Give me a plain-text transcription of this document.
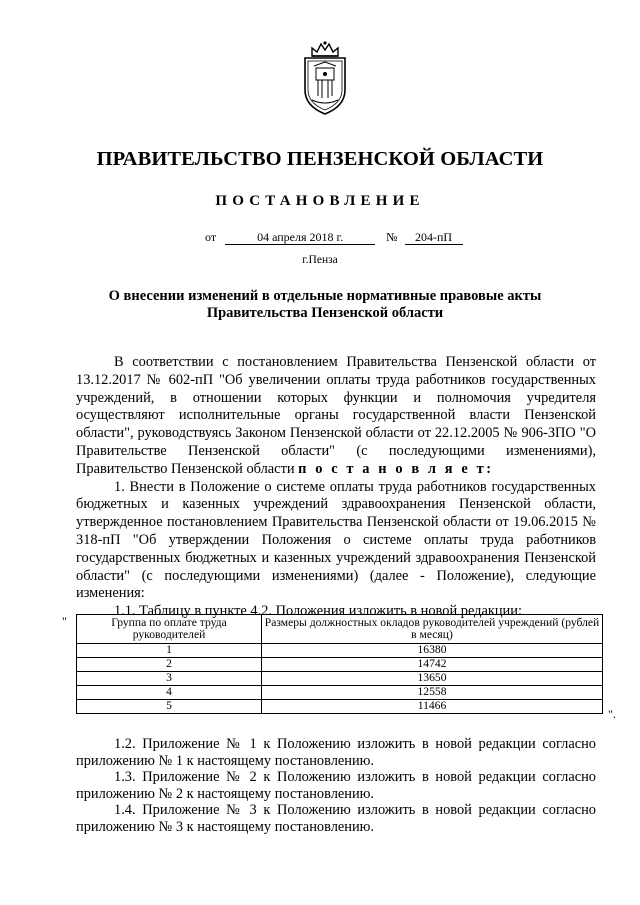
ПРАВИТЕЛЬСТВО ПЕНЗЕНСКОЙ ОБЛАСТИ
ПОСТАНОВЛЕНИЕ
от	04 апреля 2018 г.	№ 204-пП
г.Пенза
О внесении изменений в отдельные нормативные правовые акты
Правительства Пензенской области

В соответствии с постановлением Правительства Пензенской области от 13.12.2017 № 602-пП "Об увеличении оплаты труда работников государственных учреждений, в отношении которых функции и полномочия учредителя осуществляют исполнительные органы государственной власти Пензенской области", руководствуясь Законом Пензенской области от 22.12.2005 № 906-ЗПО "О Правительстве Пензенской области" (с последующими изменениями), Правительство Пензенской области п о с т а н о в л я е т:

1. Внести в Положение о системе оплаты труда работников государственных бюджетных и казенных учреждений здравоохранения Пензенской области, утвержденное постановлением Правительства Пензенской области от 19.06.2015 № 318-пП "Об утверждении Положения о системе оплаты труда работников государственных бюджетных и казенных учреждений здравоохранения Пензенской области" (с последующими изменениями) (далее - Положение), следующие изменения:

1.1. Таблицу в пункте 4.2. Положения изложить в новой редакции:

"	Группа по оплате труда руководителей	Размеры должностных окладов руководителей учреждений (рублей в месяц)
1	16380
2	14742
3	13650
4	12558
5	11466
".

1.2. Приложение № 1 к Положению изложить в новой редакции согласно приложению № 1 к настоящему постановлению.

1.3. Приложение № 2 к Положению изложить в новой редакции согласно приложению № 2 к настоящему постановлению.

1.4. Приложение № 3 к Положению изложить в новой редакции согласно приложению № 3 к настоящему постановлению.
